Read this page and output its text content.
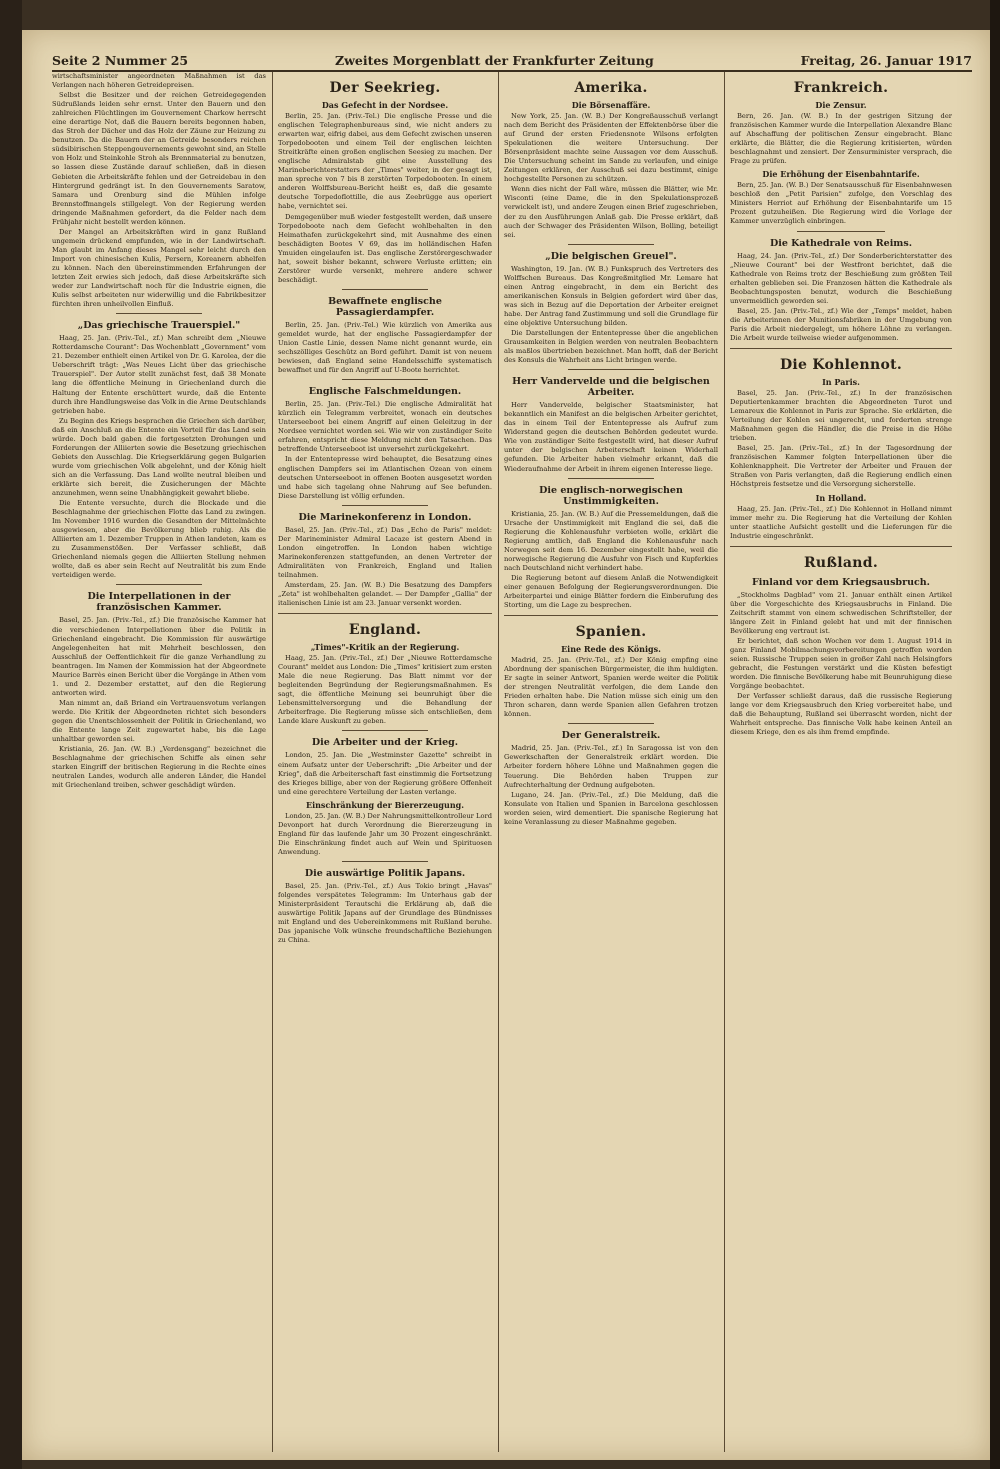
Seite 2 Nummer 25	Zweites Morgenblatt der Frankfurter Zeitung	Freitag, 26. Januar 1917

wirtschaftsminister angeordneten Maßnahmen ist das Verlangen nach höheren Getreidepreisen.

Selbst die Besitzer und der reichen Getreidegegenden Südrußlands leiden sehr ernst. Unter den Bauern und den zahlreichen Flüchtlingen im Gouvernement Charkow herrscht eine derartige Not, daß die Bauern bereits begonnen haben, das Stroh der Dächer und das Holz der Zäune zur Heizung zu benutzen. Da die Bauern der an Getreide besonders reichen südsibirischen Steppengouvernements gewohnt sind, an Stelle von Holz und Steinkohle Stroh als Brennmaterial zu benutzen, so lassen diese Zustände darauf schließen, daß in diesen Gebieten die Arbeitskräfte fehlen und der Getreidebau in den Hintergrund gedrängt ist. In den Gouvernements Saratow, Samara und Orenburg sind die Mühlen infolge Brennstoffmangels stillgelegt. Von der Regierung werden dringende Maßnahmen gefordert, da die Felder nach dem Frühjahr nicht bestellt werden können.

Der Mangel an Arbeitskräften wird in ganz Rußland ungemein drückend empfunden, wie in der Landwirtschaft. Man glaubt im Anfang dieses Mangel sehr leicht durch den Import von chinesischen Kulis, Persern, Koreanern abhelfen zu können. Nach den übereinstimmenden Erfahrungen der letzten Zeit erwies sich jedoch, daß diese Arbeitskräfte sich weder zur Landwirtschaft noch für die Industrie eignen, die Kulis selbst arbeiteten nur widerwillig und die Fabrikbesitzer fürchten ihren unheilvollen Einfluß.

„Das griechische Trauerspiel."

Haag, 25. Jan. (Priv.-Tel., zf.) Man schreibt dem „Nieuwe Rotterdamsche Courant": Das Wochenblatt „Government" vom 21. Dezember enthielt einen Artikel von Dr. G. Karolea, der die Ueberschrift trägt: „Was Neues Licht über das griechische Trauerspiel". Der Autor stellt zunächst fest, daß 38 Monate lang die öffentliche Meinung in Griechenland durch die Haltung der Entente erschüttert wurde, daß die Entente durch ihre Handlungsweise das Volk in die Arme Deutschlands getrieben habe.

Zu Beginn des Kriegs besprachen die Griechen sich darüber, daß ein Anschluß an die Entente ein Vorteil für das Land sein würde. Doch bald gaben die fortgesetzten Drohungen und Forderungen der Alliierten sowie die Besetzung griechischen Gebiets den Ausschlag. Die Kriegserklärung gegen Bulgarien wurde vom griechischen Volk abgelehnt, und der König hielt sich an die Verfassung. Das Land wollte neutral bleiben und erklärte sich bereit, die Zusicherungen der Mächte anzunehmen, wenn seine Unabhängigkeit gewahrt bliebe.

Die Entente versuchte, durch die Blockade und die Beschlagnahme der griechischen Flotte das Land zu zwingen. Im November 1916 wurden die Gesandten der Mittelmächte ausgewiesen, aber die Bevölkerung blieb ruhig. Als die Alliierten am 1. Dezember Truppen in Athen landeten, kam es zu Zusammenstößen. Der Verfasser schließt, daß Griechenland niemals gegen die Alliierten Stellung nehmen wollte, daß es aber sein Recht auf Neutralität bis zum Ende verteidigen werde.

Die Interpellationen in der französischen Kammer.

Basel, 25. Jan. (Priv.-Tel., zf.) Die französische Kammer hat die verschiedenen Interpellationen über die Politik in Griechenland eingebracht. Die Kommission für auswärtige Angelegenheiten hat mit Mehrheit beschlossen, den Ausschluß der Oeffentlichkeit für die ganze Verhandlung zu beantragen. Im Namen der Kommission hat der Abgeordnete Maurice Barrès einen Bericht über die Vorgänge in Athen vom 1. und 2. Dezember erstattet, auf den die Regierung antworten wird.

Man nimmt an, daß Briand ein Vertrauensvotum verlangen werde. Die Kritik der Abgeordneten richtet sich besonders gegen die Unentschlossenheit der Politik in Griechenland, wo die Entente lange Zeit zugewartet habe, bis die Lage unhaltbar geworden sei.

Kristiania, 26. Jan. (W. B.) „Verdensgang" bezeichnet die Beschlagnahme der griechischen Schiffe als einen sehr starken Eingriff der britischen Regierung in die Rechte eines neutralen Landes, wodurch alle anderen Länder, die Handel mit Griechenland treiben, schwer geschädigt würden.

Der Seekrieg.
Das Gefecht in der Nordsee.

Berlin, 25. Jan. (Priv.-Tel.) Die englische Presse und die englischen Telegraphenbureaus sind, wie nicht anders zu erwarten war, eifrig dabei, aus dem Gefecht zwischen unseren Torpedobooten und einem Teil der englischen leichten Streitkräfte einen großen englischen Seesieg zu machen. Der englische Admiralstab gibt eine Ausstellung des Marineberichterstatters der „Times" weiter, in der gesagt ist, man spreche von 7 bis 8 zerstörten Torpedobooten. In einem anderen Wolffsbureau-Bericht heißt es, daß die gesamte deutsche Torpedoflottille, die aus Zeebrügge aus operiert habe, vernichtet sei.

Demgegenüber muß wieder festgestellt werden, daß unsere Torpedoboote nach dem Gefecht wohlbehalten in den Heimathafen zurückgekehrt sind, mit Ausnahme des einen beschädigten Bootes V 69, das im holländischen Hafen Ymuiden eingelaufen ist. Das englische Zerstörergeschwader hat, soweit bisher bekannt, schwere Verluste erlitten; ein Zerstörer wurde versenkt, mehrere andere schwer beschädigt.

Bewaffnete englische Passagierdampfer.

Berlin, 25. Jan. (Priv.-Tel.) Wie kürzlich von Amerika aus gemeldet wurde, hat der englische Passagierdampfer der Union Castle Linie, dessen Name nicht genannt wurde, ein sechszölliges Geschütz an Bord geführt. Damit ist von neuem bewiesen, daß England seine Handelsschiffe systematisch bewaffnet und für den Angriff auf U-Boote herrichtet.

Englische Falschmeldungen.

Berlin, 25. Jan. (Priv.-Tel.) Die englische Admiralität hat kürzlich ein Telegramm verbreitet, wonach ein deutsches Unterseeboot bei einem Angriff auf einen Geleitzug in der Nordsee vernichtet worden sei. Wie wir von zuständiger Seite erfahren, entspricht diese Meldung nicht den Tatsachen. Das betreffende Unterseeboot ist unversehrt zurückgekehrt.

In der Ententepresse wird behauptet, die Besatzung eines englischen Dampfers sei im Atlantischen Ozean von einem deutschen Unterseeboot in offenen Booten ausgesetzt worden und habe sich tagelang ohne Nahrung auf See befunden. Diese Darstellung ist völlig erfunden.

Die Marinekonferenz in London.

Basel, 25. Jan. (Priv.-Tel., zf.) Das „Echo de Paris" meldet: Der Marineminister Admiral Lacaze ist gestern Abend in London eingetroffen. In London haben wichtige Marinekonferenzen stattgefunden, an denen Vertreter der Admiralitäten von Frankreich, England und Italien teilnahmen.

Amsterdam, 25. Jan. (W. B.) Die Besatzung des Dampfers „Zeta" ist wohlbehalten gelandet. — Der Dampfer „Gallia" der italienischen Linie ist am 23. Januar versenkt worden.

England.
„Times"-Kritik an der Regierung.

Haag, 25. Jan. (Priv.-Tel., zf.) Der „Nieuwe Rotterdamsche Courant" meldet aus London: Die „Times" kritisiert zum ersten Male die neue Regierung. Das Blatt nimmt vor der begleitenden Begründung der Regierungsmaßnahmen. Es sagt, die öffentliche Meinung sei beunruhigt über die Lebensmittelversorgung und die Behandlung der Arbeiterfrage. Die Regierung müsse sich entschließen, dem Lande klare Auskunft zu geben.

Die Arbeiter und der Krieg.

London, 25. Jan. Die „Westminster Gazette" schreibt in einem Aufsatz unter der Ueberschrift: „Die Arbeiter und der Krieg", daß die Arbeiterschaft fast einstimmig die Fortsetzung des Krieges billige, aber von der Regierung größere Offenheit und eine gerechtere Verteilung der Lasten verlange.

Einschränkung der Biererzeugung.

London, 25. Jan. (W. B.) Der Nahrungsmittelkontrolleur Lord Devonport hat durch Verordnung die Biererzeugung in England für das laufende Jahr um 30 Prozent eingeschränkt. Die Einschränkung findet auch auf Wein und Spirituosen Anwendung.

Die auswärtige Politik Japans.

Basel, 25. Jan. (Priv.-Tel., zf.) Aus Tokio bringt „Havas" folgendes verspätetes Telegramm: Im Unterhaus gab der Ministerpräsident Terautschi die Erklärung ab, daß die auswärtige Politik Japans auf der Grundlage des Bündnisses mit England und des Uebereinkommens mit Rußland beruhe. Das japanische Volk wünsche freundschaftliche Beziehungen zu China.

Amerika.
Die Börsenaffäre.

New York, 25. Jan. (W. B.) Der Kongreßausschuß verlangt nach dem Bericht des Präsidenten der Effektenbörse über die auf Grund der ersten Friedensnote Wilsons erfolgten Spekulationen die weitere Untersuchung. Der Börsenpräsident machte seine Aussagen vor dem Ausschuß. Die Untersuchung scheint im Sande zu verlaufen, und einige Zeitungen erklären, der Ausschuß sei dazu bestimmt, einige hochgestellte Personen zu schützen.

Wenn dies nicht der Fall wäre, müssen die Blätter, wie Mr. Wisconti (eine Dame, die in den Spekulationsprozeß verwickelt ist), und andere Zeugen einen Brief zugeschrieben, der zu den Ausführungen Anlaß gab. Die Presse erklärt, daß auch der Schwager des Präsidenten Wilson, Bolling, beteiligt sei.

„Die belgischen Greuel".

Washington, 19. Jan. (W. B.) Funkspruch des Vertreters des Wolffschen Bureaus. Das Kongreßmitglied Mr. Lemare hat einen Antrag eingebracht, in dem ein Bericht des amerikanischen Konsuls in Belgien gefordert wird über das, was sich in Bezug auf die Deportation der Arbeiter ereignet habe. Der Antrag fand Zustimmung und soll die Grundlage für eine objektive Untersuchung bilden.

Die Darstellungen der Ententepresse über die angeblichen Grausamkeiten in Belgien werden von neutralen Beobachtern als maßlos übertrieben bezeichnet. Man hofft, daß der Bericht des Konsuls die Wahrheit ans Licht bringen werde.

Herr Vandervelde und die belgischen Arbeiter.

Herr Vandervelde, belgischer Staatsminister, hat bekanntlich ein Manifest an die belgischen Arbeiter gerichtet, das in einem Teil der Ententepresse als Aufruf zum Widerstand gegen die deutschen Behörden gedeutet wurde. Wie von zuständiger Seite festgestellt wird, hat dieser Aufruf unter der belgischen Arbeiterschaft keinen Widerhall gefunden. Die Arbeiter haben vielmehr erkannt, daß die Wiederaufnahme der Arbeit in ihrem eigenen Interesse liege.

Die englisch-norwegischen Unstimmigkeiten.

Kristiania, 25. Jan. (W. B.) Auf die Pressemeldungen, daß die Ursache der Unstimmigkeit mit England die sei, daß die Regierung die Kohlenausfuhr verbieten wolle, erklärt die Regierung amtlich, daß England die Kohlenausfuhr nach Norwegen seit dem 16. Dezember eingestellt habe, weil die norwegische Regierung die Ausfuhr von Fisch und Kupferkies nach Deutschland nicht verhindert habe.

Die Regierung betont auf diesem Anlaß die Notwendigkeit einer genauen Befolgung der Regierungsverordnungen. Die Arbeiterpartei und einige Blätter fordern die Einberufung des Storting, um die Lage zu besprechen.

Spanien.
Eine Rede des Königs.

Madrid, 25. Jan. (Priv.-Tel., zf.) Der König empfing eine Abordnung der spanischen Bürgermeister, die ihm huldigten. Er sagte in seiner Antwort, Spanien werde weiter die Politik der strengen Neutralität verfolgen, die dem Lande den Frieden erhalten habe. Die Nation müsse sich einig um den Thron scharen, dann werde Spanien allen Gefahren trotzen können.

Der Generalstreik.

Madrid, 25. Jan. (Priv.-Tel., zf.) In Saragossa ist von den Gewerkschaften der Generalstreik erklärt worden. Die Arbeiter fordern höhere Löhne und Maßnahmen gegen die Teuerung. Die Behörden haben Truppen zur Aufrechterhaltung der Ordnung aufgeboten.

Lugano, 24. Jan. (Priv.-Tel., zf.) Die Meldung, daß die Konsulate von Italien und Spanien in Barcelona geschlossen worden seien, wird dementiert. Die spanische Regierung hat keine Veranlassung zu dieser Maßnahme gegeben.

Frankreich.
Die Zensur.

Bern, 26. Jan. (W. B.) In der gestrigen Sitzung der französischen Kammer wurde die Interpellation Alexandre Blanc auf Abschaffung der politischen Zensur eingebracht. Blanc erklärte, die Blätter, die die Regierung kritisierten, würden beschlagnahmt und zensiert. Der Zensurminister versprach, die Frage zu prüfen.

Die Erhöhung der Eisenbahntarife.

Bern, 25. Jan. (W. B.) Der Senatsausschuß für Eisenbahnwesen beschloß den „Petit Parisien" zufolge, den Vorschlag des Ministers Herriot auf Erhöhung der Eisenbahntarife um 15 Prozent gutzuheißen. Die Regierung wird die Vorlage der Kammer unverzüglich einbringen.

Die Kathedrale von Reims.

Haag, 24. Jan. (Priv.-Tel., zf.) Der Sonderberichterstatter des „Nieuwe Courant" bei der Westfront berichtet, daß die Kathedrale von Reims trotz der Beschießung zum größten Teil erhalten geblieben sei. Die Franzosen hätten die Kathedrale als Beobachtungsposten benutzt, wodurch die Beschießung unvermeidlich geworden sei.

Basel, 25. Jan. (Priv.-Tel., zf.) Wie der „Temps" meldet, haben die Arbeiterinnen der Munitionsfabriken in der Umgebung von Paris die Arbeit niedergelegt, um höhere Löhne zu verlangen. Die Arbeit wurde teilweise wieder aufgenommen.

Die Kohlennot.
In Paris.

Basel, 25. Jan. (Priv.-Tel., zf.) In der französischen Deputiertenkammer brachten die Abgeordneten Turot und Lemareux die Kohlennot in Paris zur Sprache. Sie erklärten, die Verteilung der Kohlen sei ungerecht, und forderten strenge Maßnahmen gegen die Händler, die die Preise in die Höhe trieben.

Basel, 25. Jan. (Priv.-Tel., zf.) In der Tagesordnung der französischen Kammer folgten Interpellationen über die Kohlenknappheit. Die Vertreter der Arbeiter und Frauen der Straßen von Paris verlangten, daß die Regierung endlich einen Höchstpreis festsetze und die Versorgung sicherstelle.

In Holland.

Haag, 25. Jan. (Priv.-Tel., zf.) Die Kohlennot in Holland nimmt immer mehr zu. Die Regierung hat die Verteilung der Kohlen unter staatliche Aufsicht gestellt und die Lieferungen für die Industrie eingeschränkt.

Rußland.
Finland vor dem Kriegsausbruch.

„Stockholms Dagblad" vom 21. Januar enthält einen Artikel über die Vorgeschichte des Kriegsausbruchs in Finland. Die Zeitschrift stammt von einem schwedischen Schriftsteller, der längere Zeit in Finland gelebt hat und mit der finnischen Bevölkerung eng vertraut ist.

Er berichtet, daß schon Wochen vor dem 1. August 1914 in ganz Finland Mobilmachungsvorbereitungen getroffen worden seien. Russische Truppen seien in großer Zahl nach Helsingfors gebracht, die Festungen verstärkt und die Küsten befestigt worden. Die finnische Bevölkerung habe mit Beunruhigung diese Vorgänge beobachtet.

Der Verfasser schließt daraus, daß die russische Regierung lange vor dem Kriegsausbruch den Krieg vorbereitet habe, und daß die Behauptung, Rußland sei überrascht worden, nicht der Wahrheit entspreche. Das finnische Volk habe keinen Anteil an diesem Kriege, den es als ihm fremd empfinde.
